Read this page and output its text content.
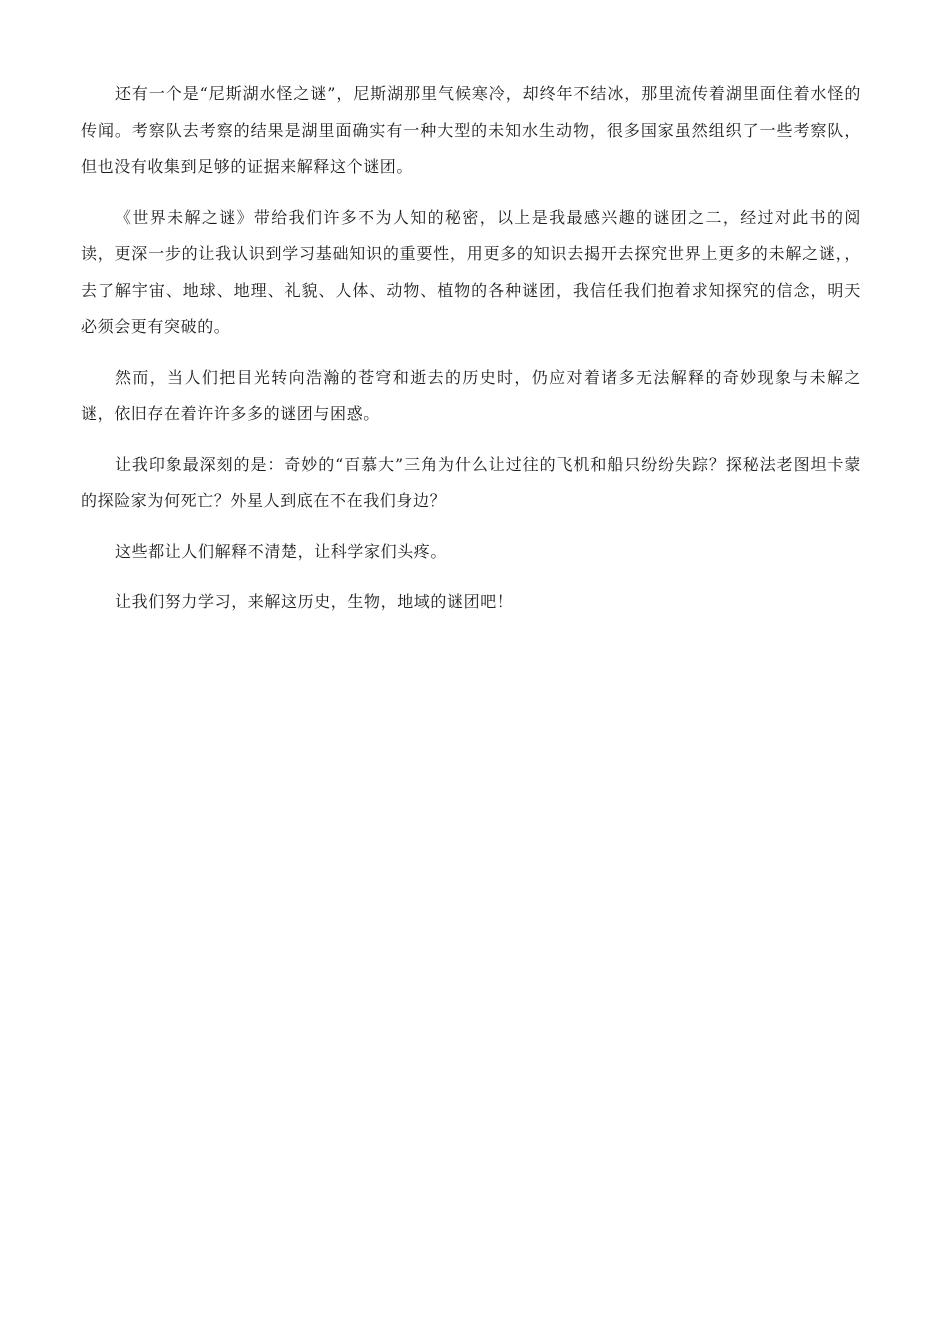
还有一个是“尼斯湖水怪之谜”，尼斯湖那里气候寒冷，却终年不结冰，那里流传着湖里面住着水怪的传闻。考察队去考察的结果是湖里面确实有一种大型的未知水生动物，很多国家虽然组织了一些考察队，但也没有收集到足够的证据来解释这个谜团。

《世界未解之谜》带给我们许多不为人知的秘密，以上是我最感兴趣的谜团之二，经过对此书的阅读，更深一步的让我认识到学习基础知识的重要性，用更多的知识去揭开去探究世界上更多的未解之谜，，去了解宇宙、地球、地理、礼貌、人体、动物、植物的各种谜团，我信任我们抱着求知探究的信念，明天必须会更有突破的。

然而，当人们把目光转向浩瀚的苍穹和逝去的历史时，仍应对着诸多无法解释的奇妙现象与未解之谜，依旧存在着许许多多的谜团与困惑。

让我印象最深刻的是：奇妙的“百慕大”三角为什么让过往的飞机和船只纷纷失踪？探秘法老图坦卡蒙的探险家为何死亡？外星人到底在不在我们身边？

这些都让人们解释不清楚，让科学家们头疼。

让我们努力学习，来解这历史，生物，地域的谜团吧！
